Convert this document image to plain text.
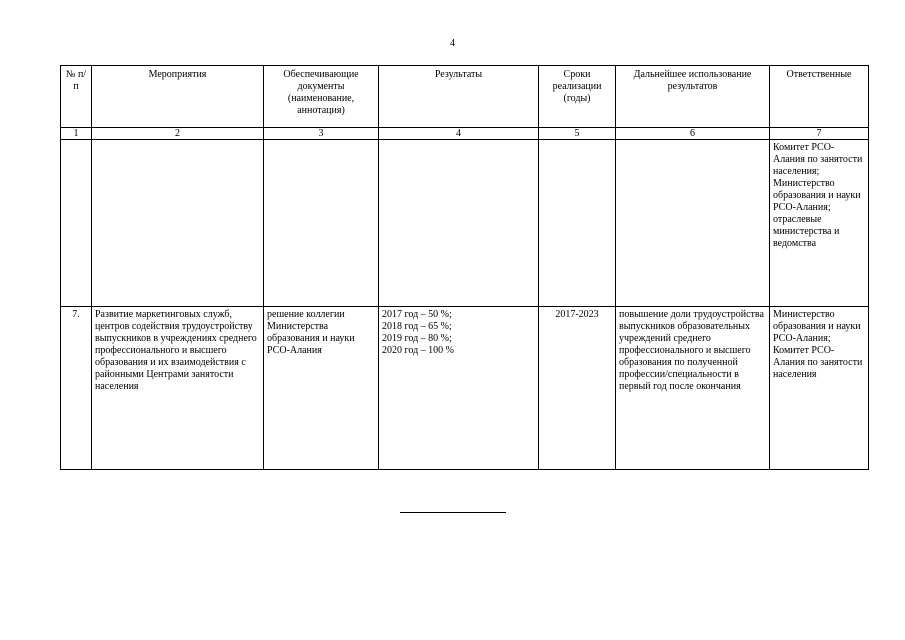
4
№ п/п	Мероприятия	Обеспечивающие документы (наименование, аннотация)	Результаты	Сроки реализации (годы)	Дальнейшее использование результатов	Ответственные
1	2	3	4	5	6	7
						Комитет РСО-Алания по занятости населения; Министерство образования и науки РСО-Алания; отраслевые министерства и ведомства
7.	Развитие маркетинговых служб, центров содействия трудоустройству выпускников в учреждениях среднего профессионального и высшего образования и их взаимодействия с районными Центрами занятости населения	решение коллегии Министерства образования и науки РСО-Алания	2017 год – 50 %;
2018 год – 65 %;
2019 год – 80 %;
2020 год – 100 %	2017-2023	повышение доли трудоустройства выпускников образовательных учреждений среднего профессионального и высшего образования по полученной профессии/специальности в первый год после окончания	Министерство образования и науки РСО-Алания; Комитет РСО-Алания по занятости населения
